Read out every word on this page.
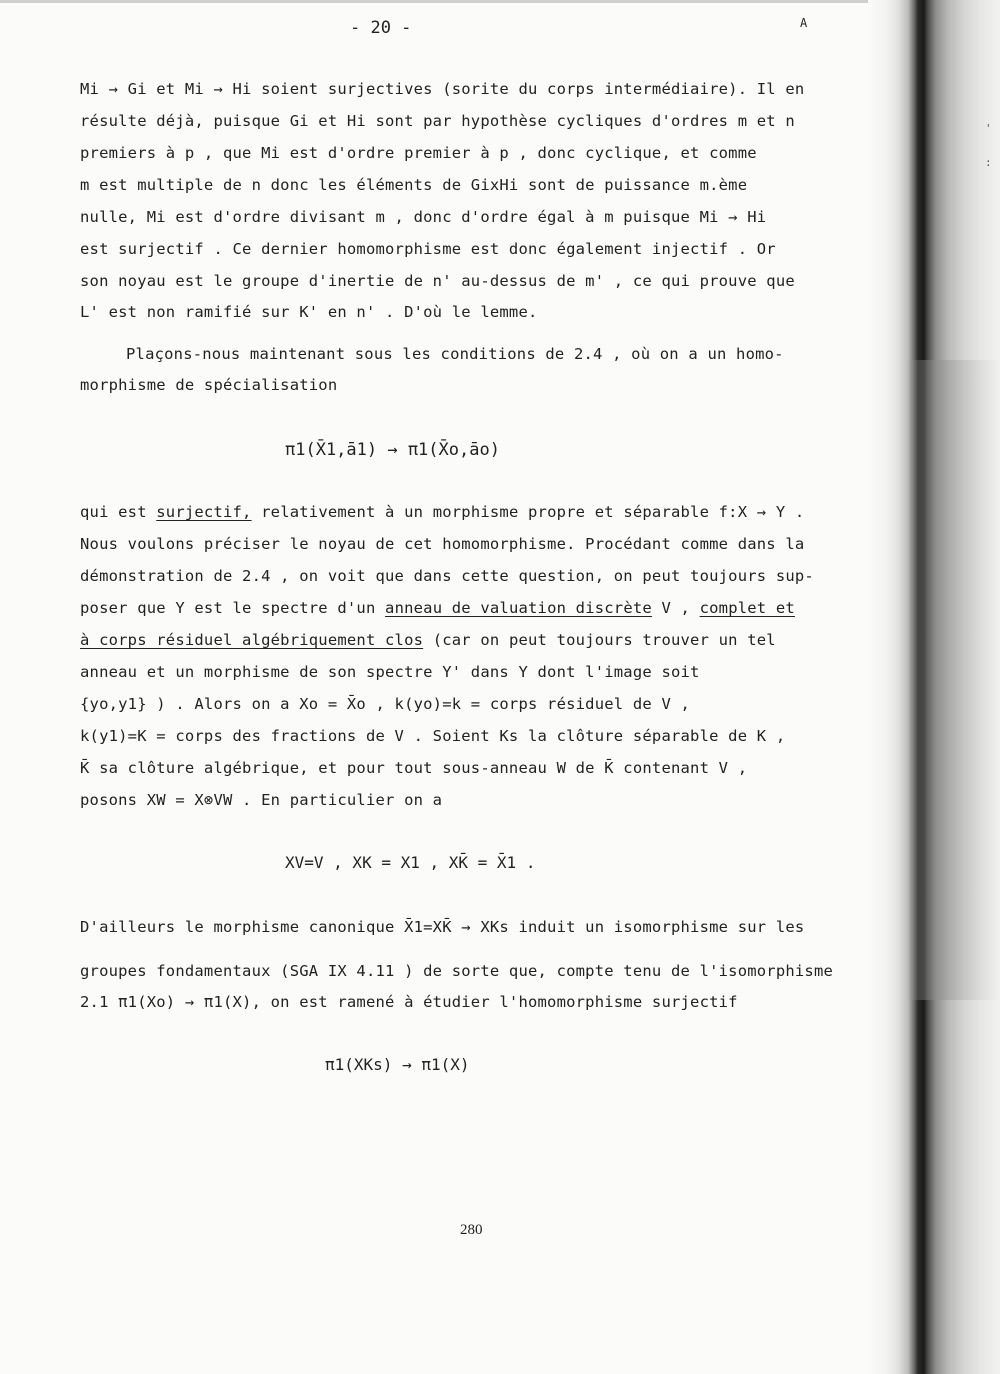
- 20 -	A
Mi → Gi et Mi → Hi soient surjectives (sorite du corps intermédiaire). Il en
résulte déjà, puisque Gi et Hi sont par hypothèse cycliques d'ordres m et n
premiers à p , que Mi est d'ordre premier à p , donc cyclique, et comme
m est multiple de n donc les éléments de GixHi sont de puissance m.ème
nulle, Mi est d'ordre divisant m , donc d'ordre égal à m puisque Mi → Hi
est surjectif . Ce dernier homomorphisme est donc également injectif . Or
son noyau est le groupe d'inertie de n' au-dessus de m' , ce qui prouve que
L' est non ramifié sur K' en n' . D'où le lemme.
Plaçons-nous maintenant sous les conditions de 2.4 , où on a un homo-
morphisme de spécialisation
π1(X̄1,ā1) → π1(X̄o,āo)
qui est surjectif, relativement à un morphisme propre et séparable f:X → Y .
Nous voulons préciser le noyau de cet homomorphisme. Procédant comme dans la
démonstration de 2.4 , on voit que dans cette question, on peut toujours sup-
poser que Y est le spectre d'un anneau de valuation discrète V , complet et
à corps résiduel algébriquement clos (car on peut toujours trouver un tel
anneau et un morphisme de son spectre Y' dans Y dont l'image soit
{yo,y1} ) . Alors on a Xo = X̄o , k(yo)=k = corps résiduel de V ,
k(y1)=K = corps des fractions de V . Soient Ks la clôture séparable de K ,
K̄ sa clôture algébrique, et pour tout sous-anneau W de K̄ contenant V ,
posons XW = X⊗VW . En particulier on a
XV=V , XK = X1 , XK̄ = X̄1 .
D'ailleurs le morphisme canonique X̄1=XK̄ → XKs induit un isomorphisme sur les
groupes fondamentaux (SGA IX 4.11 ) de sorte que, compte tenu de l'isomorphisme
2.1 π1(Xo) → π1(X), on est ramené à étudier l'homomorphisme surjectif
π1(XKs) → π1(X)
280
'
:
